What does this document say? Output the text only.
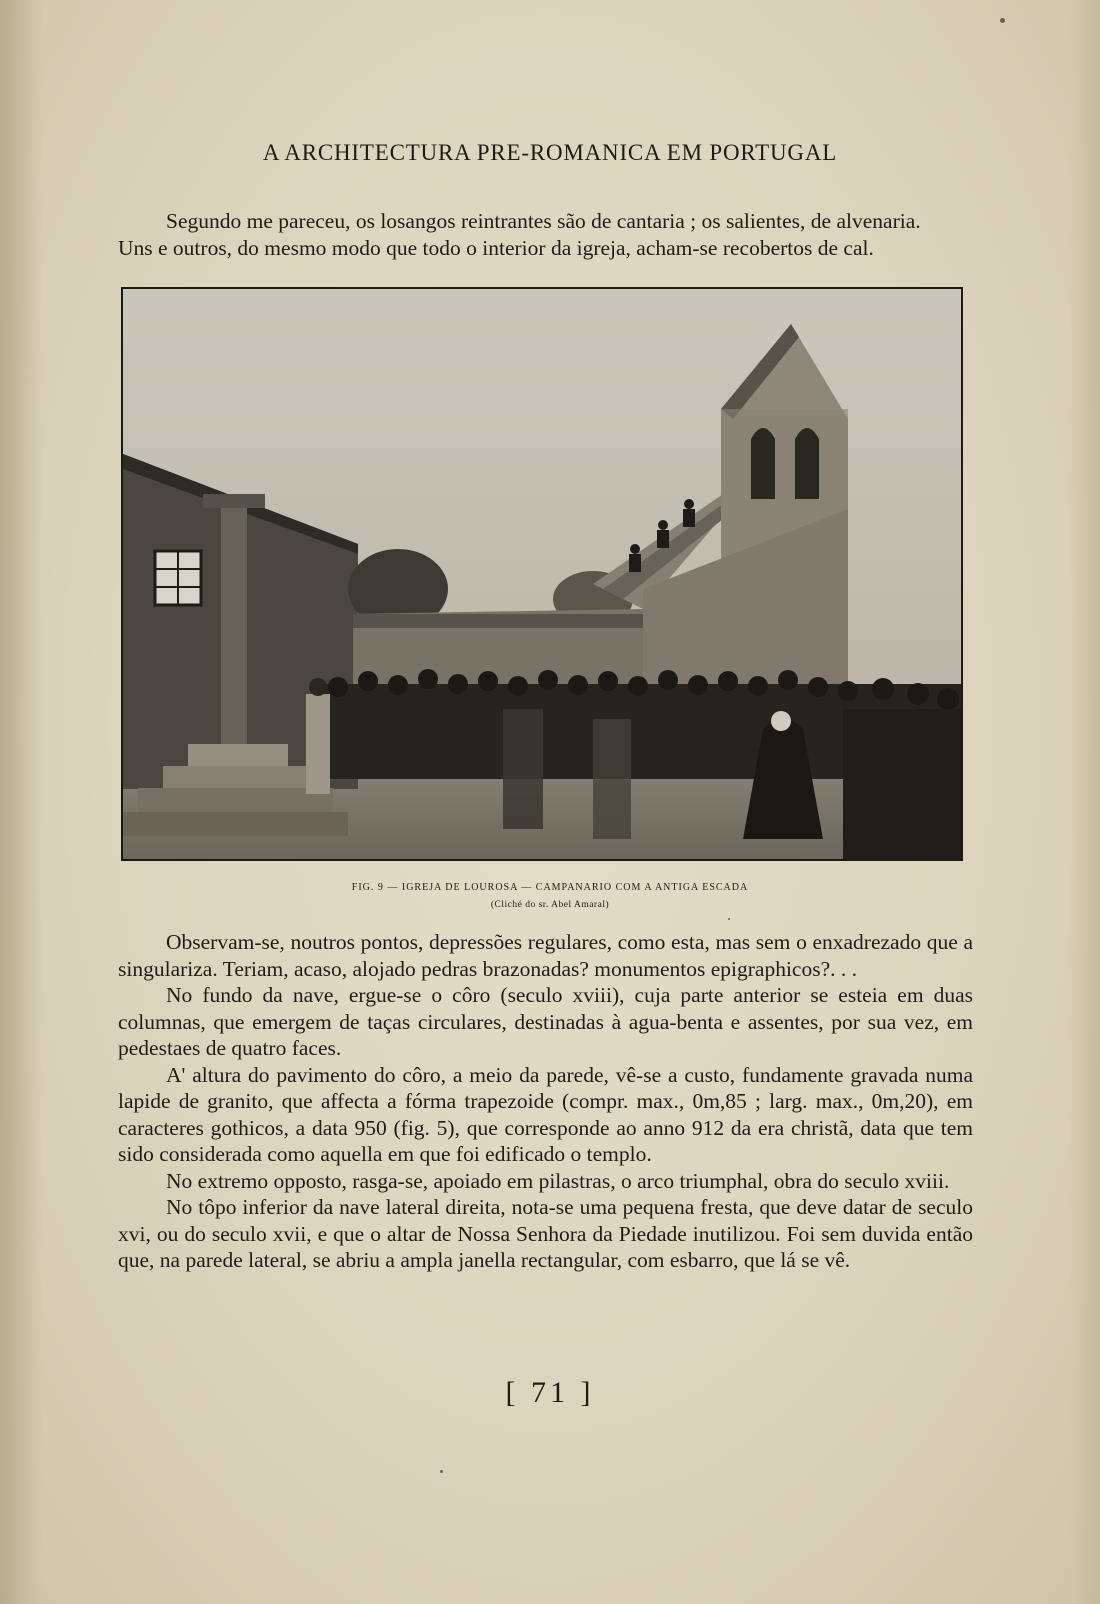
A ARCHITECTURA PRE-ROMANICA EM PORTUGAL

Segundo me pareceu, os losangos reintrantes são de cantaria ; os salientes, de alvenaria.

Uns e outros, do mesmo modo que todo o interior da igreja, acham-se recobertos de cal.

FIG. 9 — IGREJA DE LOUROSA — CAMPANARIO COM A ANTIGA ESCADA
(Cliché do sr. Abel Amaral)

Observam-se, noutros pontos, depressões regulares, como esta, mas sem o enxadrezado que a singulariza. Teriam, acaso, alojado pedras brazonadas? monumentos epigraphicos?. . .

No fundo da nave, ergue-se o côro (seculo xviii), cuja parte anterior se esteia em duas columnas, que emergem de taças circulares, destinadas à agua-benta e assentes, por sua vez, em pedestaes de quatro faces.

A' altura do pavimento do côro, a meio da parede, vê-se a custo, fundamente gravada numa lapide de granito, que affecta a fórma trapezoide (compr. max., 0m,85 ; larg. max., 0m,20), em caracteres gothicos, a data 950 (fig. 5), que corresponde ao anno 912 da era christã, data que tem sido considerada como aquella em que foi edificado o templo.

No extremo opposto, rasga-se, apoiado em pilastras, o arco triumphal, obra do seculo xviii.

No tôpo inferior da nave lateral direita, nota-se uma pequena fresta, que deve datar de seculo xvi, ou do seculo xvii, e que o altar de Nossa Senhora da Piedade inutilizou. Foi sem duvida então que, na parede lateral, se abriu a ampla janella rectangular, com esbarro, que lá se vê.

[ 71 ]
